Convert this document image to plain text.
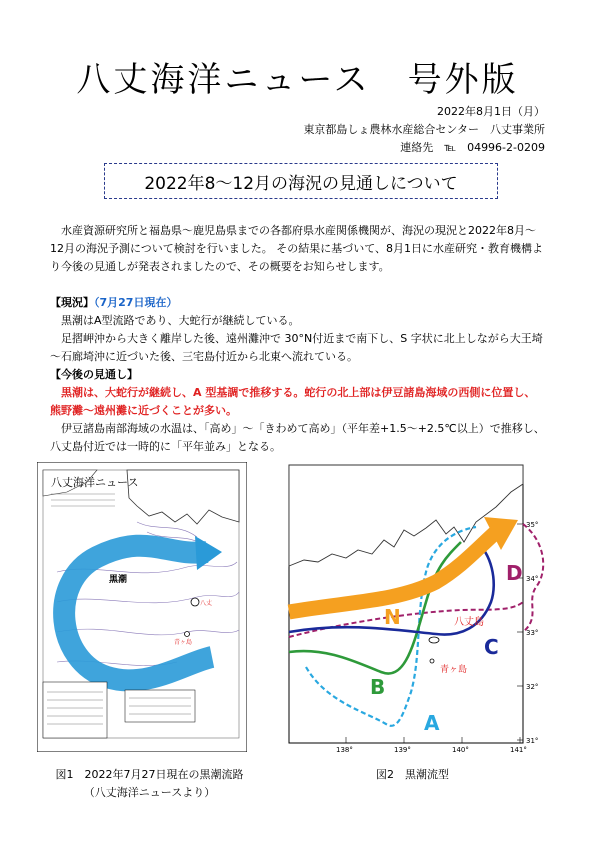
八丈海洋ニュース　号外版
2022年8月1日（月）
東京都島しょ農林水産総合センター　八丈事業所
連絡先　℡　04996-2-0209
2022年8～12月の海況の見通しについて
水産資源研究所と福島県～鹿児島県までの各都府県水産関係機関が、海況の現況と2022年8月～12月の海況予測について検討を行いました。 その結果に基づいて、8月1日に水産研究・教育機構より今後の見通しが発表されましたので、その概要をお知らせします。
【現況】（7月27日現在）
黒潮はA型流路であり、大蛇行が継続している。
足摺岬沖から大きく離岸した後、遠州灘沖で 30°N付近まで南下し、S 字状に北上しながら大王埼～石廊埼沖に近づいた後、三宅島付近から北東へ流れている。
【今後の見通し】
黒潮は、大蛇行が継続し、A 型基調で推移する。蛇行の北上部は伊豆諸島海域の西側に位置し、熊野灘～遠州灘に近づくことが多い。
伊豆諸島南部海域の水温は、「高め」～「きわめて高め」（平年差+1.5～+2.5℃以上）で推移し、八丈島付近では一時的に「平年並み」となる。
黒潮
八丈
青ヶ島
八丈海洋ニュース
図1　2022年7月27日現在の黒潮流路
（八丈海洋ニュースより）
35°
34°
33°
32°
31°
138°	139°	140°	141°
八丈島
青ヶ島
N
B
C
D
A
図2　黒潮流型
